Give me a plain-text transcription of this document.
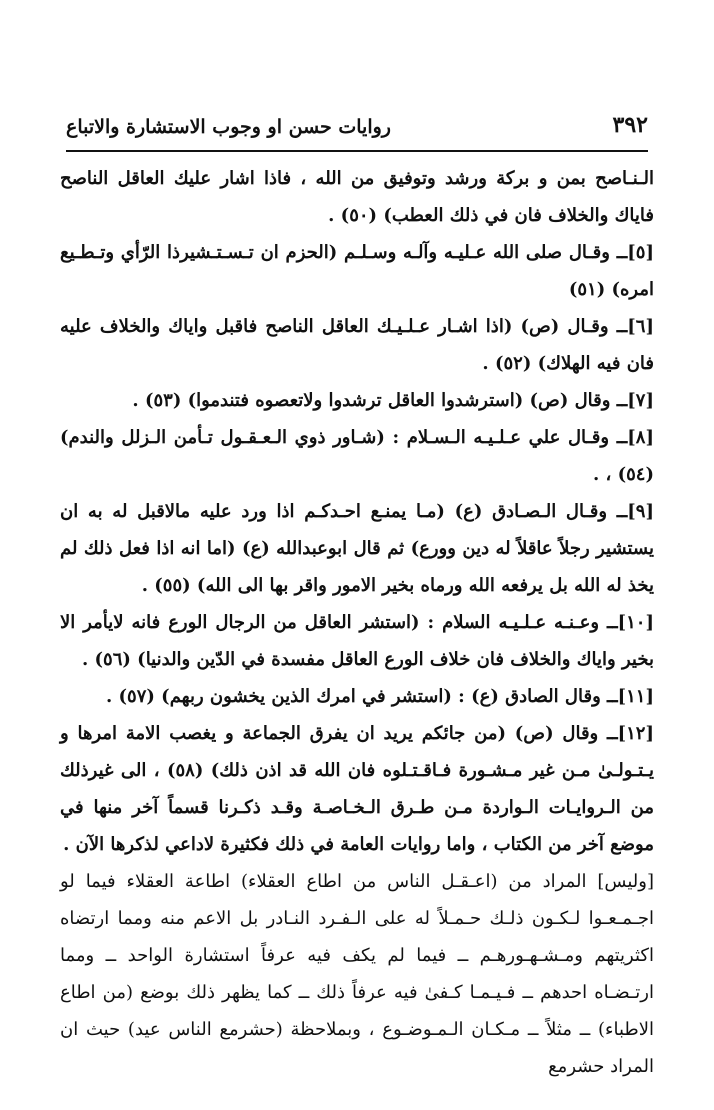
٣٩٢
روايات حسن او وجوب الاستشارة والاتباع

الـنـاصح بمن و بركة ورشد وتوفيق من الله ، فاذا اشار عليك العاقل الناصح فاياك والخلاف فان في ذلك العطب) (٥٠) .

[٥]ــ وقـال صلى الله عـليـه وآلـه وسـلـم (الحزم ان تـسـتـشيرذا الرّأي وتـطـيع امره) (٥١)

[٦]ــ وقـال (ص) (اذا اشـار عـلـيـك العاقل الناصح فاقبل واياك والخلاف عليه فان فيه الهلاك) (٥٢) .

[٧]ــ وقال (ص) (استرشدوا العاقل ترشدوا ولاتعصوه فتندموا) (٥٣) .

[٨]ــ وقـال علي عـلـيـه الـسـلام : (شـاور ذوي الـعـقـول تـأمن الـزلل والندم) (٥٤) ، .

[٩]ــ وقـال الـصـادق (ع) (مـا يمنـع احـدكـم اذا ورد عليه مالاقبل له به ان يستشير رجلاً عاقلاً له دين وورع) ثم قال ابوعبدالله (ع) (اما انه اذا فعل ذلك لم يخذ له الله بل يرفعه الله ورماه بخير الامور واقر بها الى الله) (٥٥) .

[١٠]ــ وعـنـه عـلـيـه السلام : (استشر العاقل من الرجال الورع فانه لايأمر الا بخير واياك والخلاف فان خلاف الورع العاقل مفسدة في الدّين والدنيا) (٥٦) .

[١١]ــ وقال الصادق (ع) : (استشر في امرك الذين يخشون ربهم) (٥٧) .

[١٢]ــ وقال (ص) (من جائكم يريد ان يفرق الجماعة و يغصب الامة امرها و يـتـولـىٰ مـن غير مـشـورة فـاقـتـلوه فان الله قد اذن ذلك) (٥٨) ، الى غيرذلك من الـروايـات الـواردة مـن طـرق الـخـاصـة وقـد ذكـرنا قسماً آخر منها في موضع آخر من الكتاب ، واما روايات العامة في ذلك فكثيرة لاداعي لذكرها الآن .

[وليس] المراد من (اعـقـل الناس من اطاع العقلاء) اطاعة العقلاء فيما لو اجـمـعـوا لـكـون ذلـك حـمـلاً له على الـفـرد النـادر بل الاعم منه ومما ارتضاه اكثريتهم ومـشـهـورهـم ــ فيما لم يكف فيه عرفاً استشارة الواحد ــ ومما ارتـضـاه احدهم ــ فـيـمـا كـفىٰ فيه عرفاً ذلك ــ كما يظهر ذلك بوضع (من اطاع الاطباء) ــ مثلاً ــ مـكـان الـمـوضـوع ، وبملاحظة (حشرمع الناس عيد) حيث ان المراد حشرمع
